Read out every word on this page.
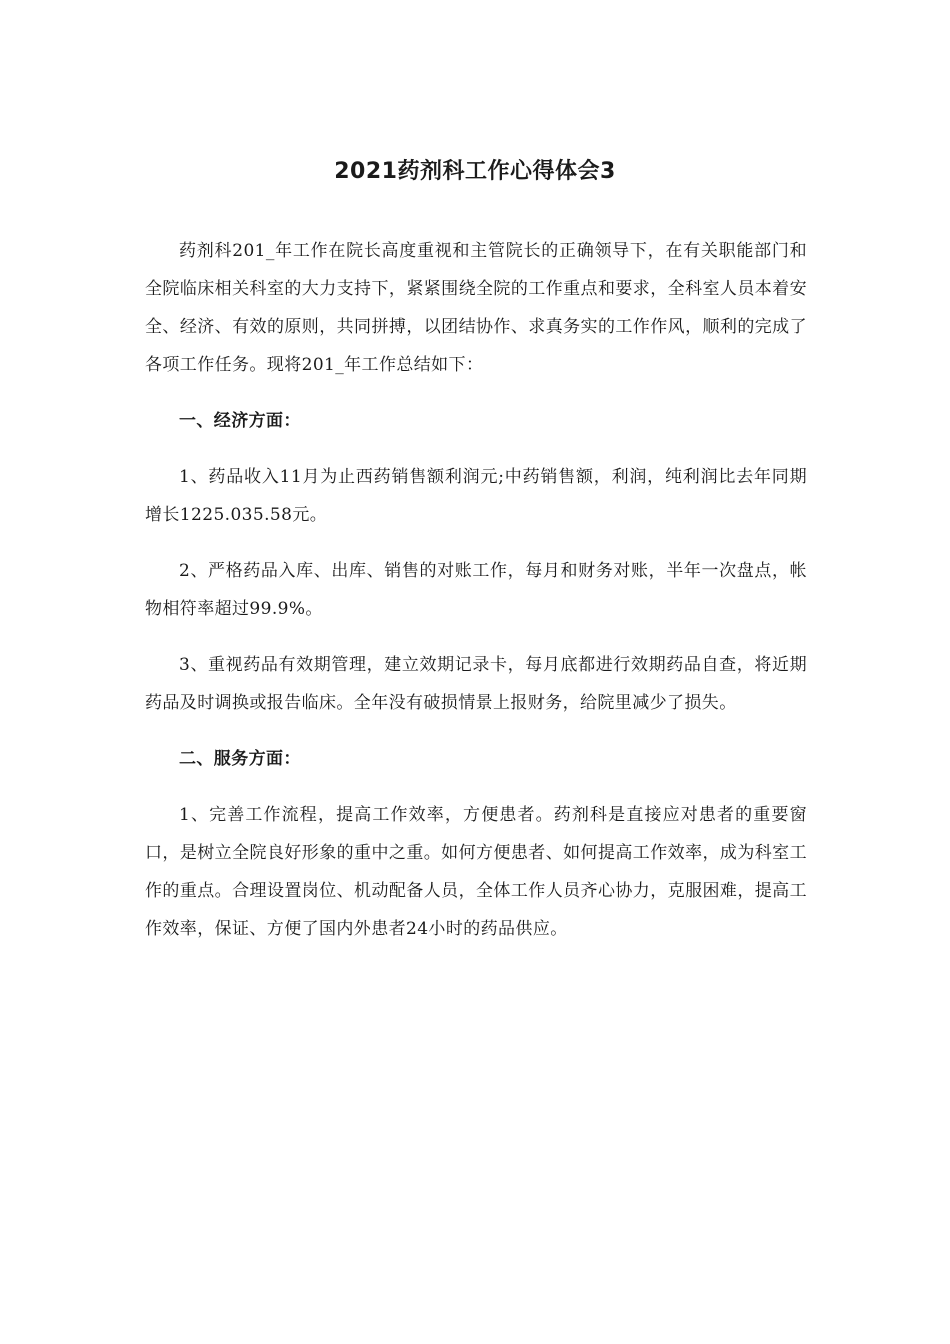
2021药剂科工作心得体会3

药剂科201_年工作在院长高度重视和主管院长的正确领导下，在有关职能部门和全院临床相关科室的大力支持下，紧紧围绕全院的工作重点和要求，全科室人员本着安全、经济、有效的原则，共同拼搏，以团结协作、求真务实的工作作风，顺利的完成了各项工作任务。现将201_年工作总结如下：

一、经济方面：

1、药品收入11月为止西药销售额利润元;中药销售额，利润，纯利润比去年同期增长1225.035.58元。

2、严格药品入库、出库、销售的对账工作，每月和财务对账，半年一次盘点，帐物相符率超过99.9%。

3、重视药品有效期管理，建立效期记录卡，每月底都进行效期药品自查，将近期药品及时调换或报告临床。全年没有破损情景上报财务，给院里减少了损失。

二、服务方面：

1、完善工作流程，提高工作效率，方便患者。药剂科是直接应对患者的重要窗口，是树立全院良好形象的重中之重。如何方便患者、如何提高工作效率，成为科室工作的重点。合理设置岗位、机动配备人员，全体工作人员齐心协力，克服困难，提高工作效率，保证、方便了国内外患者24小时的药品供应。
